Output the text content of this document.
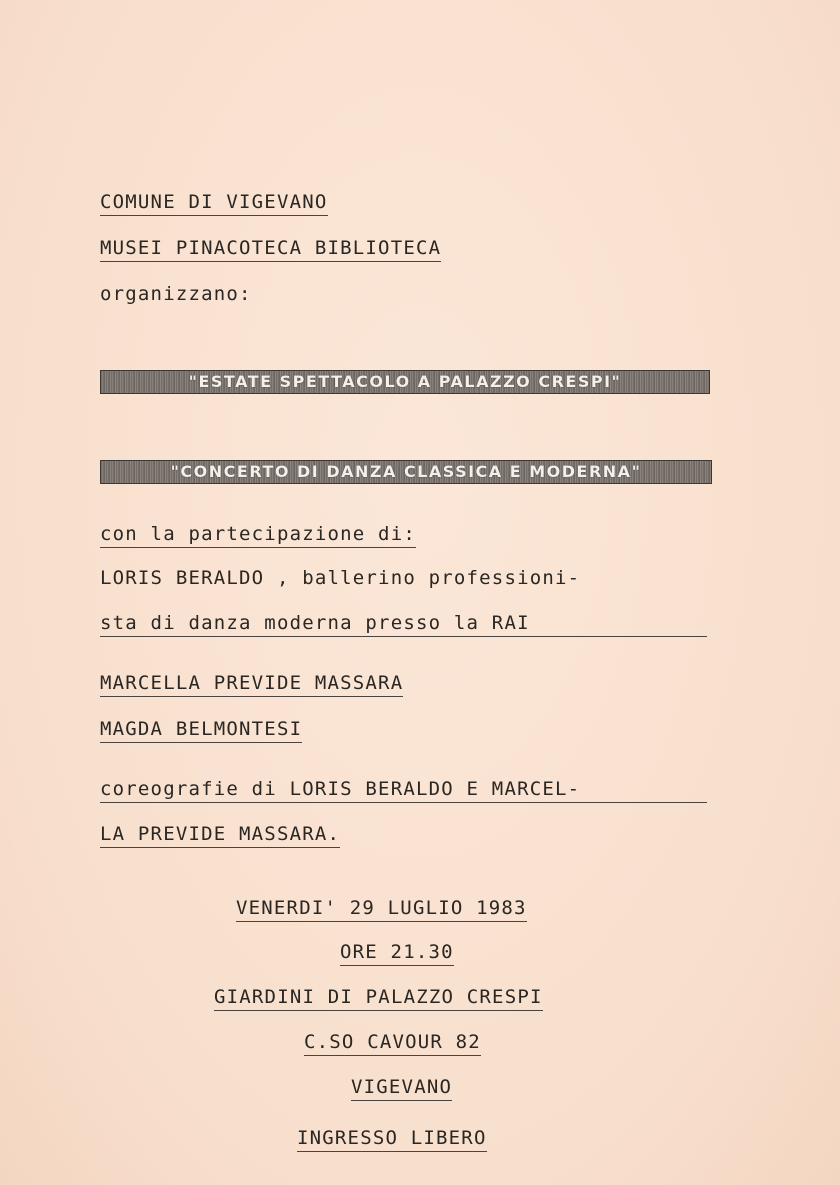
COMUNE DI VIGEVANO
MUSEI PINACOTECA BIBLIOTECA
organizzano:
"ESTATE SPETTACOLO A PALAZZO CRESPI"
"CONCERTO DI DANZA CLASSICA E MODERNA"
con la partecipazione di:
LORIS BERALDO , ballerino professioni-
sta di danza moderna presso la RAI
MARCELLA PREVIDE MASSARA
MAGDA BELMONTESI
coreografie di LORIS BERALDO E MARCEL-
LA PREVIDE MASSARA.
VENERDI' 29 LUGLIO 1983
ORE 21.30
GIARDINI DI PALAZZO CRESPI
C.SO CAVOUR 82
VIGEVANO
INGRESSO LIBERO
